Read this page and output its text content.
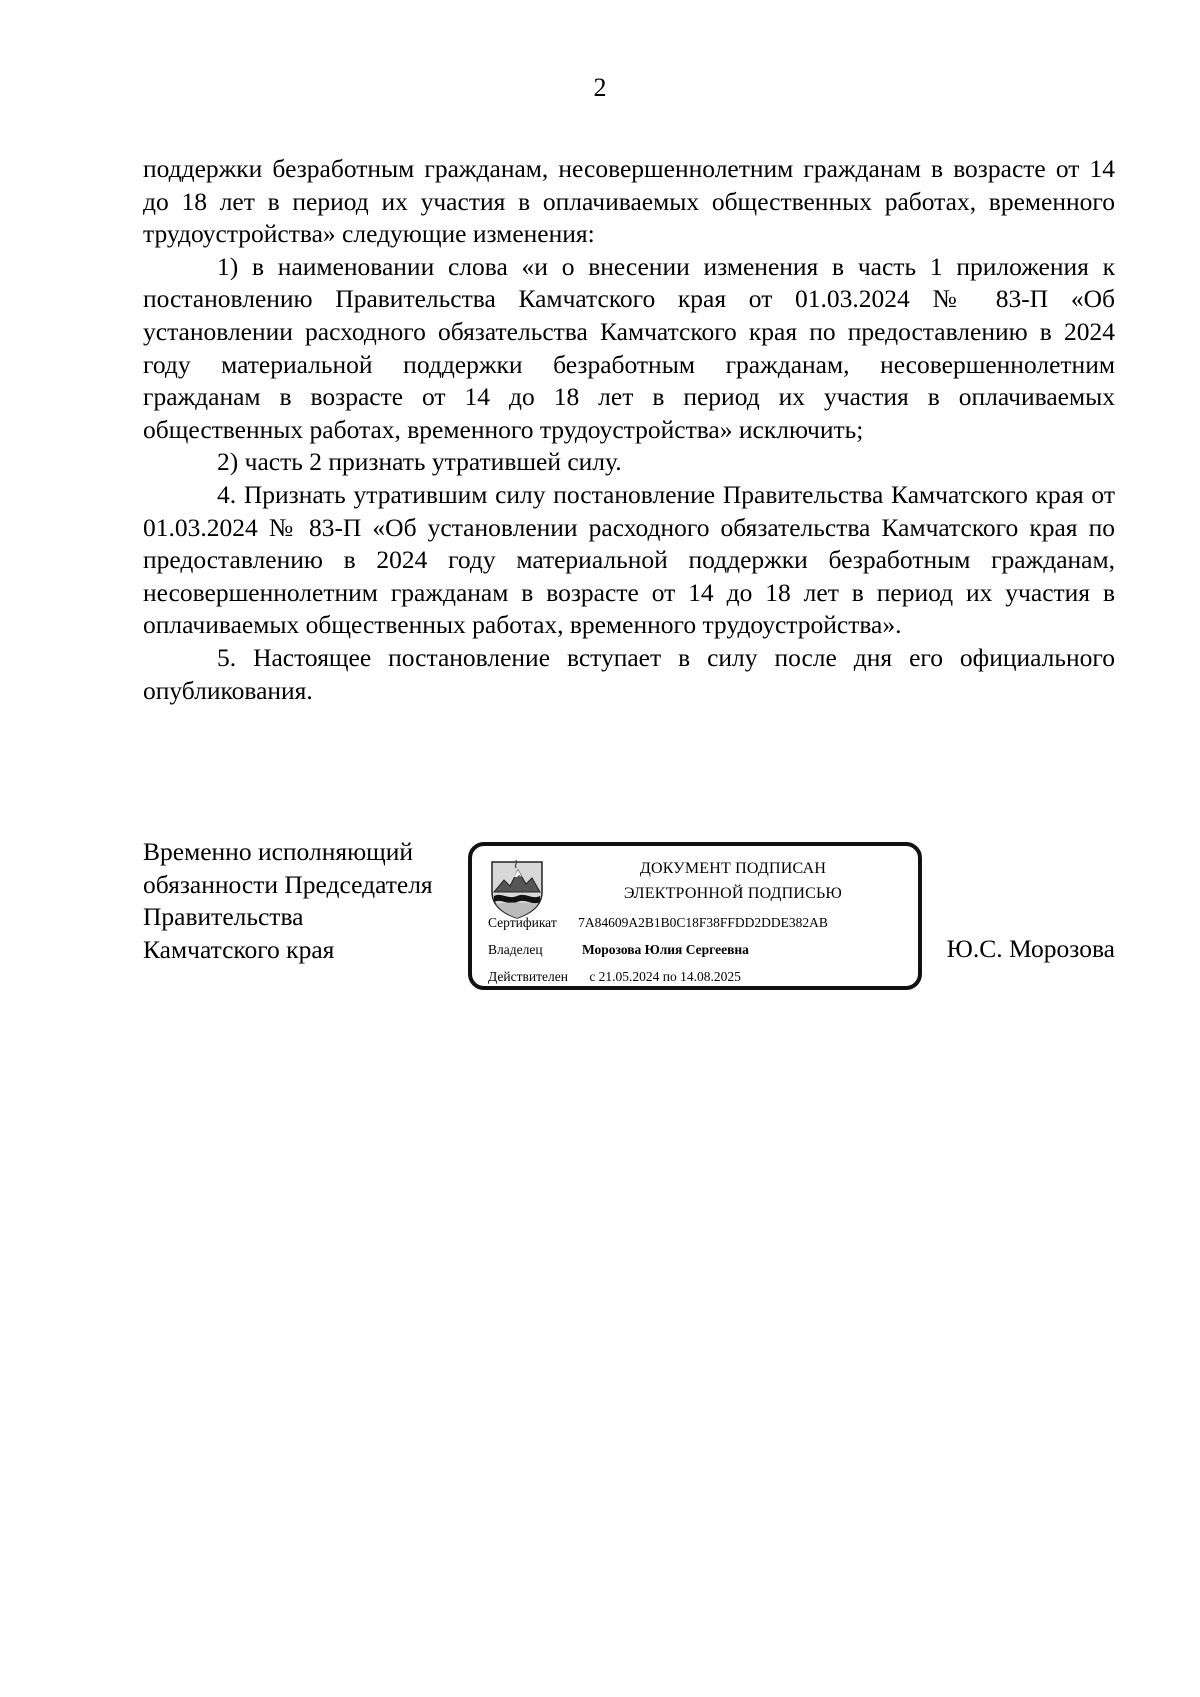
2

поддержки безработным гражданам, несовершеннолетним гражданам в возрасте от 14 до 18 лет в период их участия в оплачиваемых общественных работах, временного трудоустройства» следующие изменения:

1) в наименовании слова «и о внесении изменения в часть 1 приложения к постановлению Правительства Камчатского края от 01.03.2024 № 83-П «Об установлении расходного обязательства Камчатского края по предоставлению в 2024 году материальной поддержки безработным гражданам, несовершеннолетним гражданам в возрасте от 14 до 18 лет в период их участия в оплачиваемых общественных работах, временного трудоустройства» исключить;

2) часть 2 признать утратившей силу.

4. Признать утратившим силу постановление Правительства Камчатского края от 01.03.2024 № 83-П «Об установлении расходного обязательства Камчатского края по предоставлению в 2024 году материальной поддержки безработным гражданам, несовершеннолетним гражданам в возрасте от 14 до 18 лет в период их участия в оплачиваемых общественных работах, временного трудоустройства».

5. Настоящее постановление вступает в силу после дня его официального опубликования.

Временно исполняющий
обязанности Председателя
Правительства
Камчатского края
ДОКУМЕНТ ПОДПИСАН
ЭЛЕКТРОННОЙ ПОДПИСЬЮ
Сертификат 7A84609A2B1B0C18F38FFDD2DDE382AB
Владелец	Морозова Юлия Сергеевна
Действителен с 21.05.2024 по 14.08.2025
Ю.С. Морозова
